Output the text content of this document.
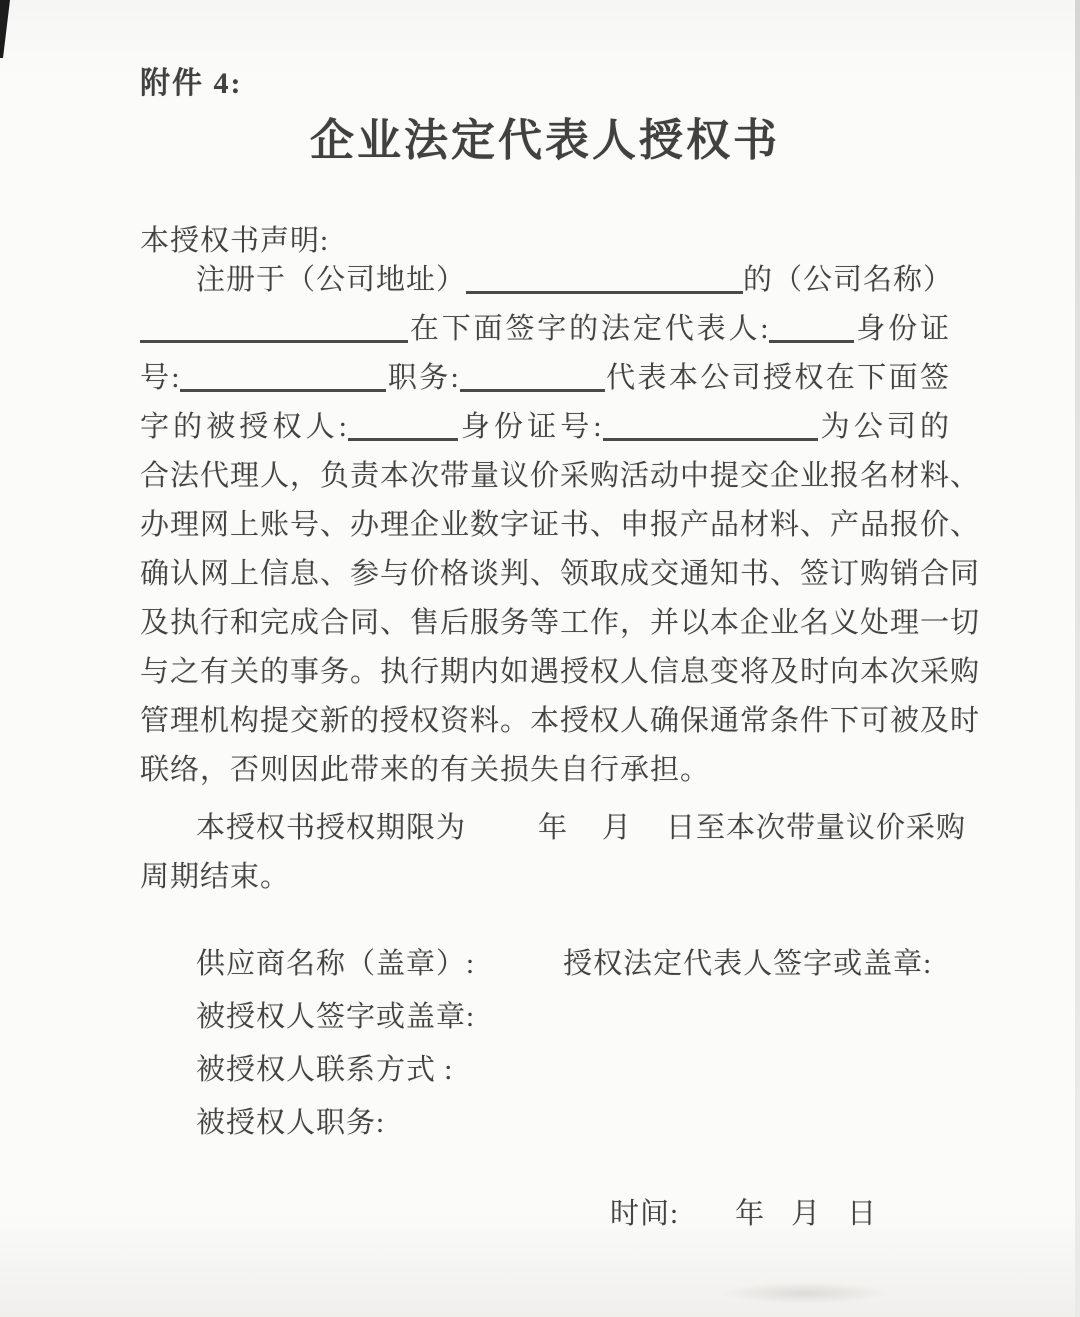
附件 4:
企业法定代表人授权书
本授权书声明:
注册于（公司地址）	的（公司名称）
在下面签字的法定代表人:	身份证
号:	职务:	代表本公司授权在下面签
字的被授权人:	身份证号:	为公司的
合法代理人，负责本次带量议价采购活动中提交企业报名材料、
办理网上账号、办理企业数字证书、申报产品材料、产品报价、
确认网上信息、参与价格谈判、领取成交通知书、签订购销合同
及执行和完成合同、售后服务等工作，并以本企业名义处理一切
与之有关的事务。执行期内如遇授权人信息变将及时向本次采购
管理机构提交新的授权资料。本授权人确保通常条件下可被及时
联络，否则因此带来的有关损失自行承担。
本授权书授权期限为 年 月 日至本次带量议价采购
周期结束。
供应商名称（盖章）:	授权法定代表人签字或盖章:
被授权人签字或盖章:
被授权人联系方式 :
被授权人职务:
时间: 年 月 日
